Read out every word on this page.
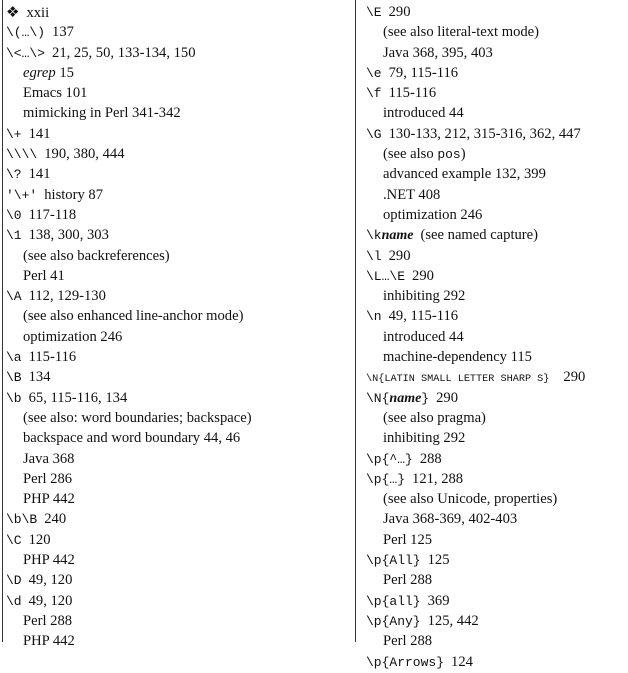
❖ xxii
\(…\) 137
\<…\> 21, 25, 50, 133-134, 150
egrep 15
Emacs 101
mimicking in Perl 341-342
\+ 141
\\\\ 190, 380, 444
\? 141
'\+' history 87
\0 117-118
\1 138, 300, 303
(see also backreferences)
Perl 41
\A 112, 129-130
(see also enhanced line-anchor mode)
optimization 246
\a 115-116
\B 134
\b 65, 115-116, 134
(see also: word boundaries; backspace)
backspace and word boundary 44, 46
Java 368
Perl 286
PHP 442
\b\B 240
\C 120
PHP 442
\D 49, 120
\d 49, 120
Perl 288
PHP 442
\E 290
(see also literal-text mode)
Java 368, 395, 403
\e 79, 115-116
\f 115-116
introduced 44
\G 130-133, 212, 315-316, 362, 447
(see also pos)
advanced example 132, 399
.NET 408
optimization 246
\kname (see named capture)
\l 290
\L…\E 290
inhibiting 292
\n 49, 115-116
introduced 44
machine-dependency 115
\N{LATIN SMALL LETTER SHARP S} 290
\N{name} 290
(see also pragma)
inhibiting 292
\p{^…} 288
\p{…} 121, 288
(see also Unicode, properties)
Java 368-369, 402-403
Perl 125
\p{All} 125
Perl 288
\p{all} 369
\p{Any} 125, 442
Perl 288
\p{Arrows} 124
